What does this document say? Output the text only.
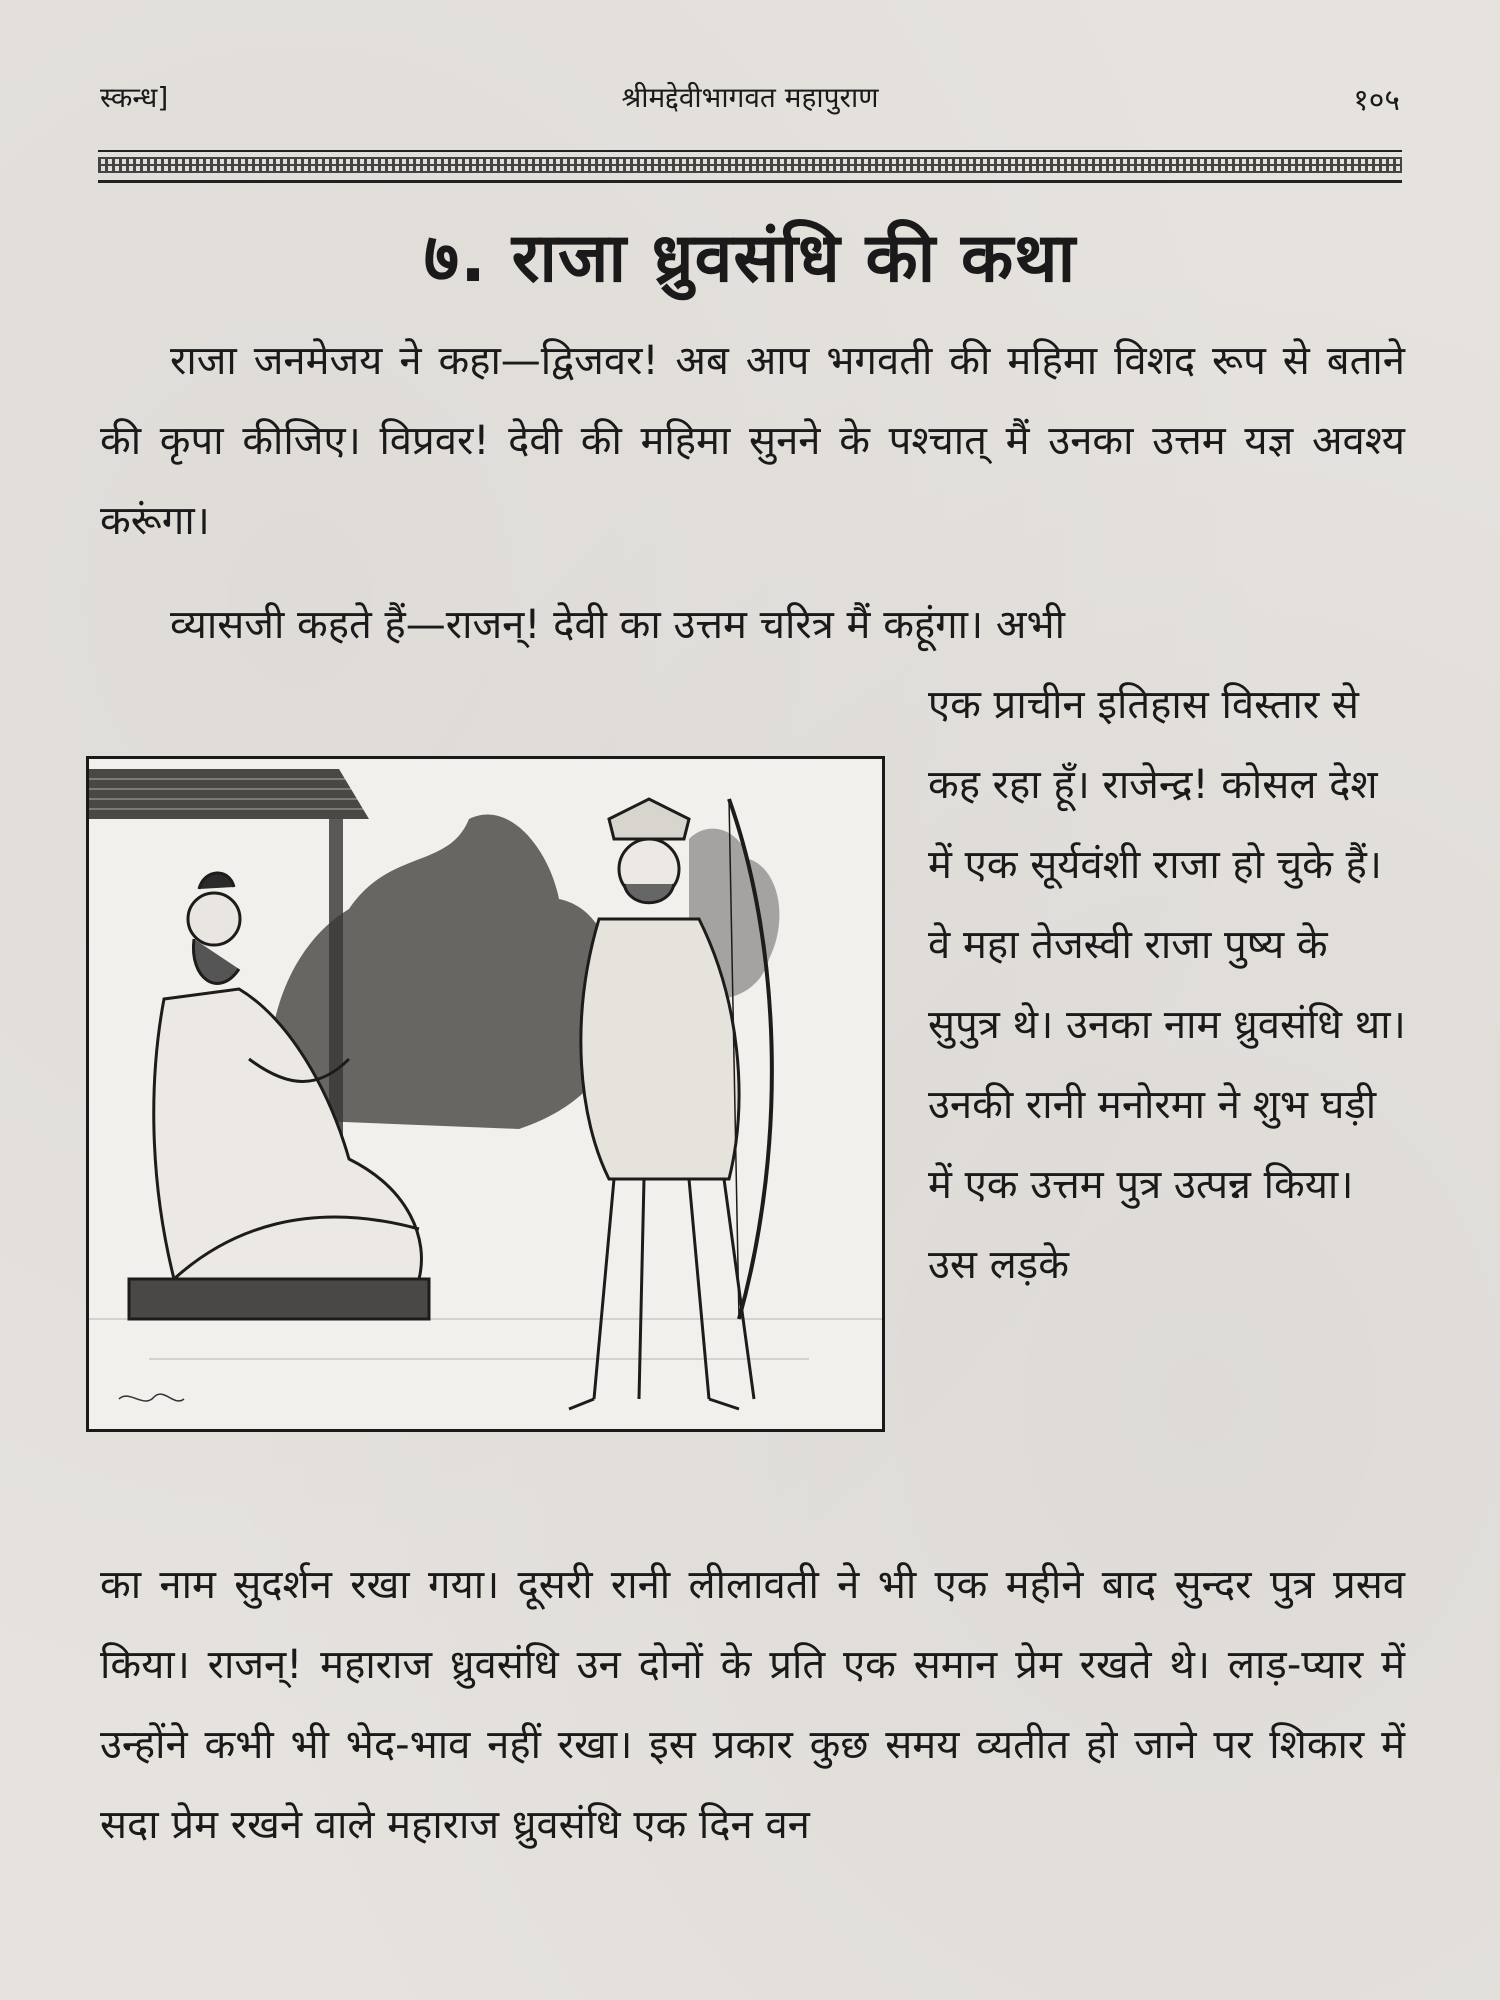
स्कन्ध]	श्रीमद्देवीभागवत महापुराण	१०५
७. राजा ध्रुवसंधि की कथा
राजा जनमेजय ने कहा—द्विजवर! अब आप भगवती की महिमा विशद रूप से बताने की कृपा कीजिए। विप्रवर! देवी की महिमा सुनने के पश्चात् मैं उनका उत्तम यज्ञ अवश्य करूंगा।
व्यासजी कहते हैं—राजन्! देवी का उत्तम चरित्र मैं कहूंगा। अभी
एक प्राचीन इतिहास विस्तार से कह रहा हूँ। राजेन्द्र! कोसल देश में एक सूर्यवंशी राजा हो चुके हैं। वे महा तेजस्वी राजा पुष्य के सुपुत्र थे। उनका नाम ध्रुवसंधि था। उनकी रानी मनोरमा ने शुभ घड़ी में एक उत्तम पुत्र उत्पन्न किया। उस लड़के
का नाम सुदर्शन रखा गया। दूसरी रानी लीलावती ने भी एक महीने बाद सुन्दर पुत्र प्रसव किया। राजन्! महाराज ध्रुवसंधि उन दोनों के प्रति एक समान प्रेम रखते थे। लाड़-प्यार में उन्होंने कभी भी भेद-भाव नहीं रखा। इस प्रकार कुछ समय व्यतीत हो जाने पर शिकार में सदा प्रेम रखने वाले महाराज ध्रुवसंधि एक दिन वन
